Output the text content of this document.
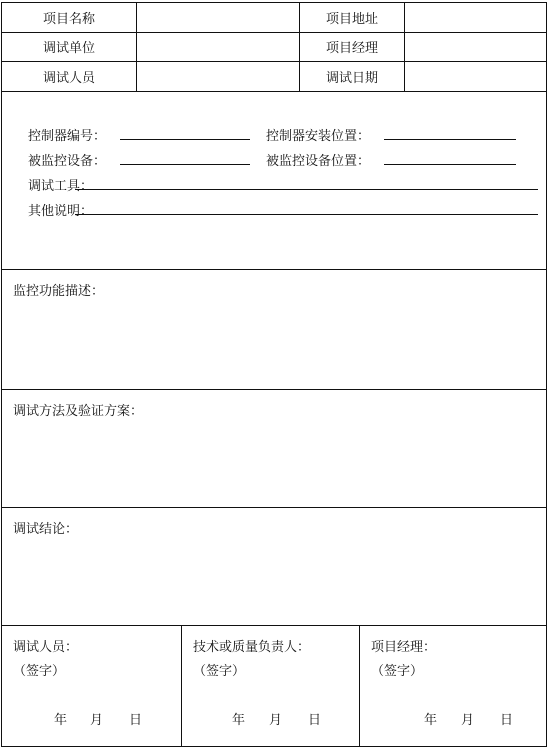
项目名称	项目地址
调试单位	项目经理
调试人员	调试日期
控制器编号：	控制器安装位置：
被监控设备：	被监控设备位置：
调试工具：
其他说明：
监控功能描述：
调试方法及验证方案：
调试结论：
调试人员：
（签字）
年 月 日
技术或质量负责人：
（签字）
年 月 日
项目经理：
（签字）
年 月 日
